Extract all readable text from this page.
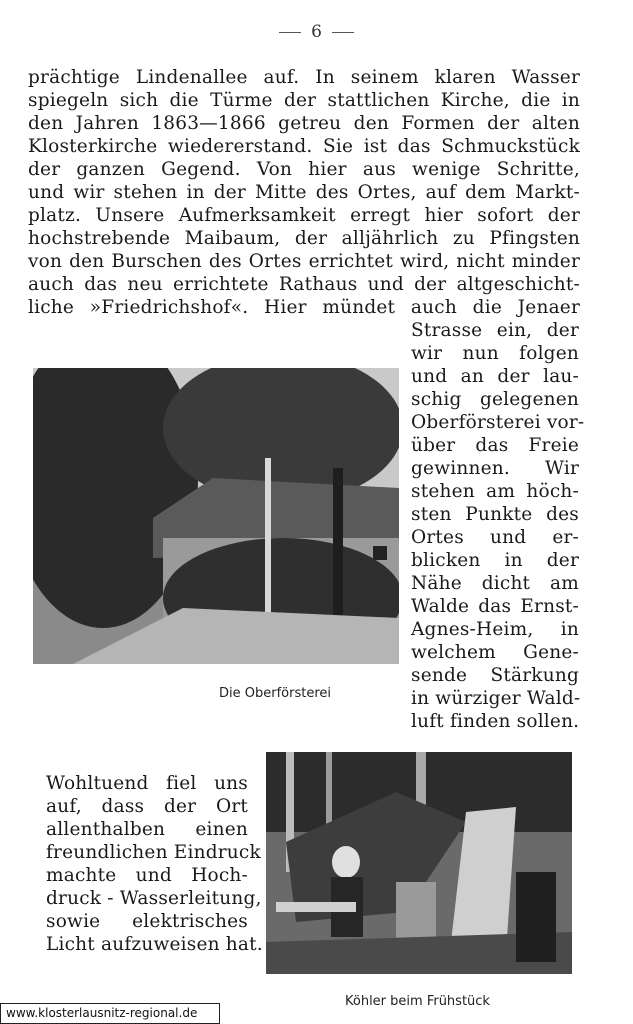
6
prächtige Lindenallee auf. In seinem klaren Wasser
spiegeln sich die Türme der stattlichen Kirche, die in
den Jahren 1863—1866 getreu den Formen der alten
Klosterkirche wiedererstand. Sie ist das Schmuckstück
der ganzen Gegend. Von hier aus wenige Schritte,
und wir stehen in der Mitte des Ortes, auf dem Markt-
platz. Unsere Aufmerksamkeit erregt hier sofort der
hochstrebende Maibaum, der alljährlich zu Pfingsten
von den Burschen des Ortes errichtet wird, nicht minder
auch das neu errichtete Rathaus und der altgeschicht-
liche »Friedrichshof«. Hier mündet auch die Jenaer
Strasse ein, der
wir nun folgen
und an der lau-
schig gelegenen
Oberförsterei vor-
über das Freie
gewinnen. Wir
stehen am höch-
sten Punkte des
Ortes und er-
blicken in der
Nähe dicht am
Walde das Ernst-
Agnes-Heim, in
welchem Gene-
sende Stärkung
in würziger Wald-
luft finden sollen.
Die Oberförsterei
Wohltuend fiel uns
auf, dass der Ort
allenthalben einen
freundlichen Eindruck
machte und Hoch-
druck - Wasserleitung,
sowie elektrisches
Licht aufzuweisen hat.
Köhler beim Frühstück
www.klosterlausnitz-regional.de
